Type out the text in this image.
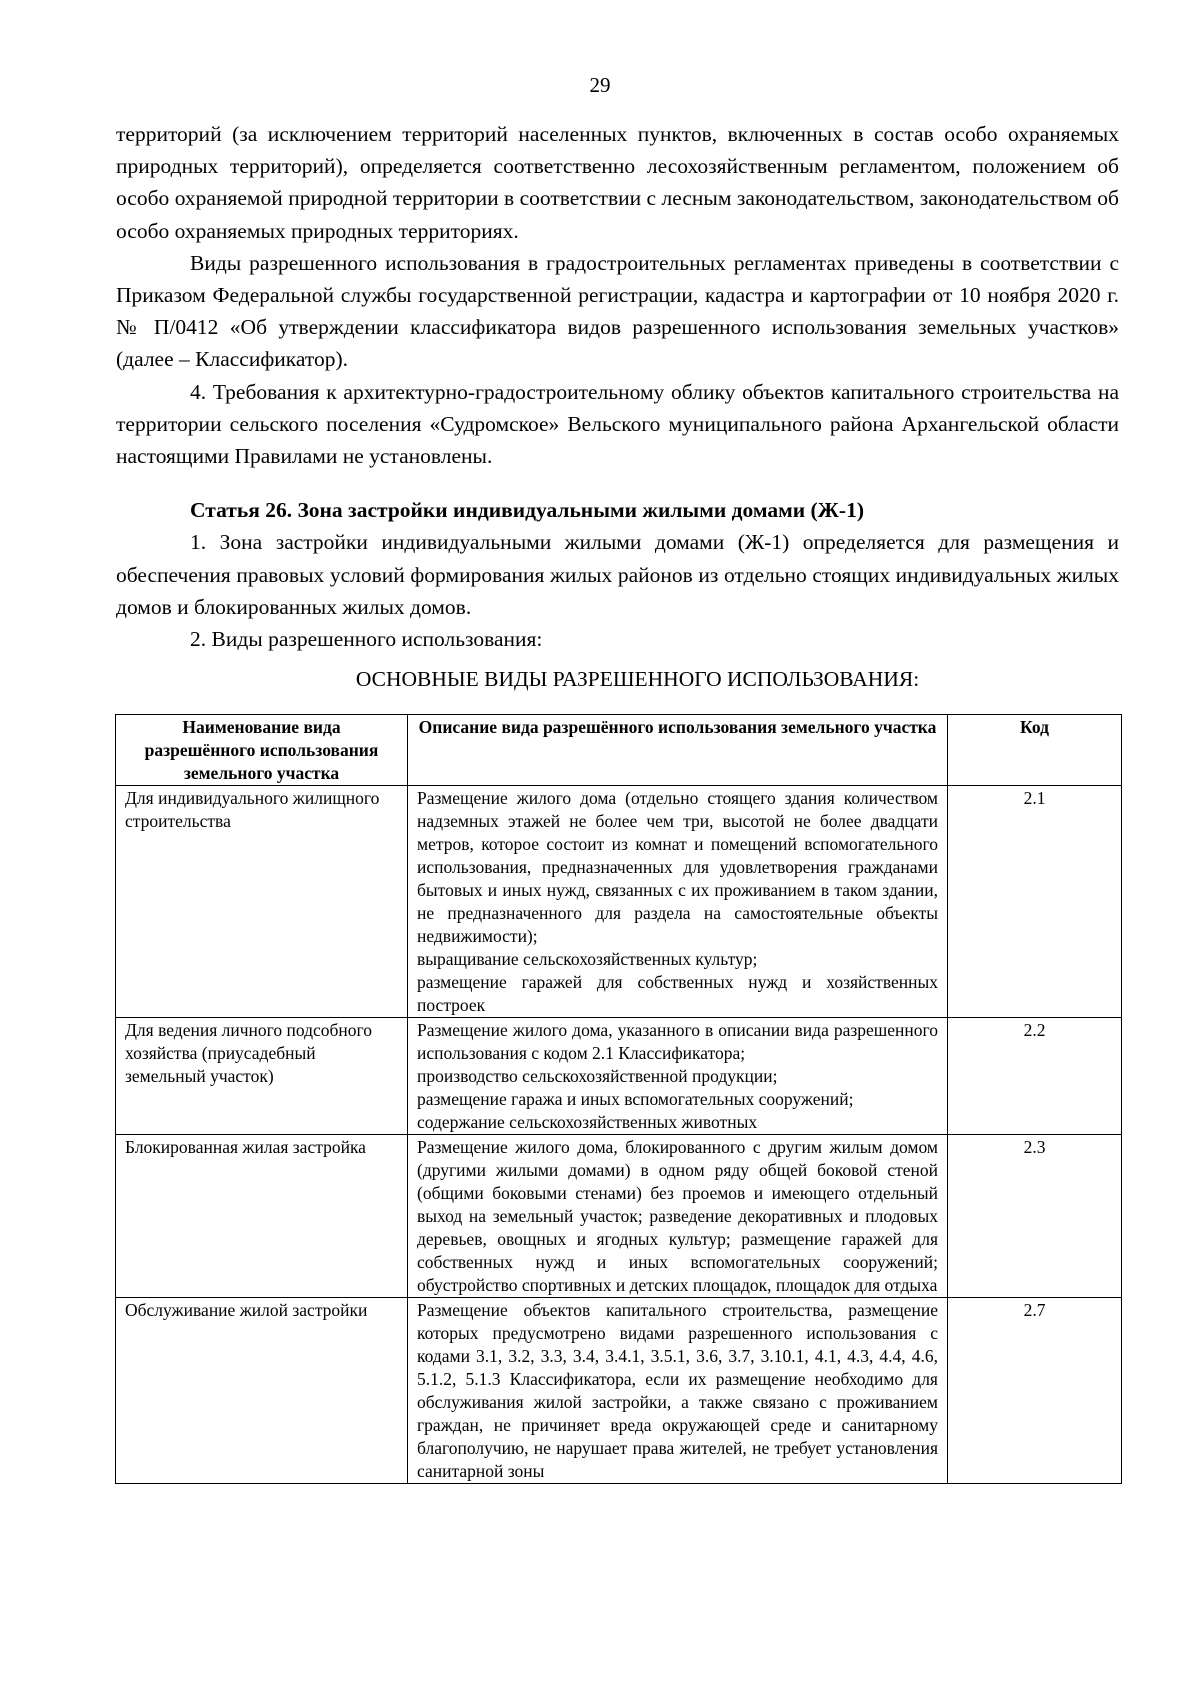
29

территорий (за исключением территорий населенных пунктов, включенных в состав особо охраняемых природных территорий), определяется соответственно лесохозяйственным регламентом, положением об особо охраняемой природной территории в соответствии с лесным законодательством, законодательством об особо охраняемых природных территориях.

Виды разрешенного использования в градостроительных регламентах приведены в соответствии с Приказом Федеральной службы государственной регистрации, кадастра и картографии от 10 ноября 2020 г. № П/0412 «Об утверждении классификатора видов разрешенного использования земельных участков» (далее – Классификатор).

4. Требования к архитектурно-градостроительному облику объектов капитального строительства на территории сельского поселения «Судромское» Вельского муниципального района Архангельской области настоящими Правилами не установлены.

Статья 26. Зона застройки индивидуальными жилыми домами (Ж-1)

1. Зона застройки индивидуальными жилыми домами (Ж-1) определяется для размещения и обеспечения правовых условий формирования жилых районов из отдельно стоящих индивидуальных жилых домов и блокированных жилых домов.

2. Виды разрешенного использования:

ОСНОВНЫЕ ВИДЫ РАЗРЕШЕННОГО ИСПОЛЬЗОВАНИЯ:

Наименование вида разрешённого использования земельного участка	Описание вида разрешённого использования земельного участка	Код
Для индивидуального жилищного строительства	Размещение жилого дома (отдельно стоящего здания количеством надземных этажей не более чем три, высотой не более двадцати метров, которое состоит из комнат и помещений вспомогательного использования, предназначенных для удовлетворения гражданами бытовых и иных нужд, связанных с их проживанием в таком здании, не предназначенного для раздела на самостоятельные объекты недвижимости);
выращивание сельскохозяйственных культур;
размещение гаражей для собственных нужд и хозяйственных построек	2.1
Для ведения личного подсобного хозяйства (приусадебный земельный участок)	Размещение жилого дома, указанного в описании вида разрешенного использования с кодом 2.1 Классификатора;
производство сельскохозяйственной продукции;
размещение гаража и иных вспомогательных сооружений;
содержание сельскохозяйственных животных	2.2
Блокированная жилая застройка	Размещение жилого дома, блокированного с другим жилым домом (другими жилыми домами) в одном ряду общей боковой стеной (общими боковыми стенами) без проемов и имеющего отдельный выход на земельный участок; разведение декоративных и плодовых деревьев, овощных и ягодных культур; размещение гаражей для собственных нужд и иных вспомогательных сооружений; обустройство спортивных и детских площадок, площадок для отдыха	2.3
Обслуживание жилой застройки	Размещение объектов капитального строительства, размещение которых предусмотрено видами разрешенного использования с кодами 3.1, 3.2, 3.3, 3.4, 3.4.1, 3.5.1, 3.6, 3.7, 3.10.1, 4.1, 4.3, 4.4, 4.6, 5.1.2, 5.1.3 Классификатора, если их размещение необходимо для обслуживания жилой застройки, а также связано с проживанием граждан, не причиняет вреда окружающей среде и санитарному благополучию, не нарушает права жителей, не требует установления санитарной зоны	2.7
